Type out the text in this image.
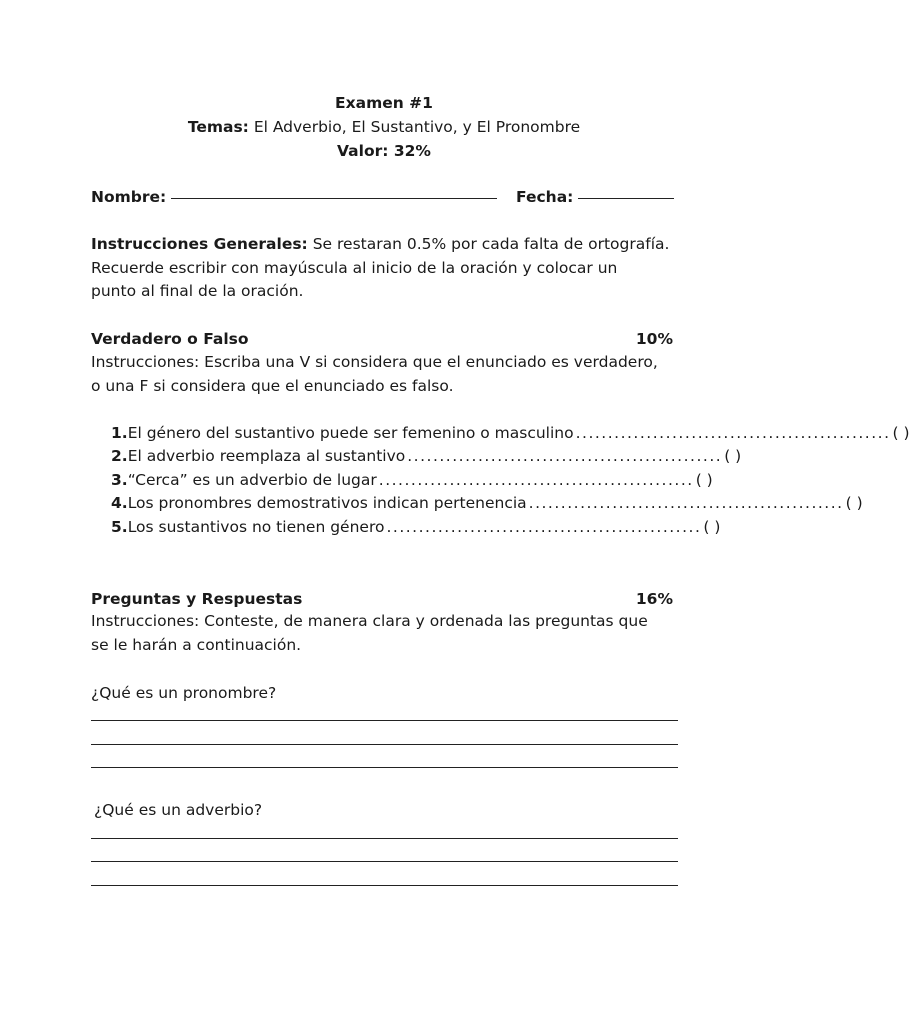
Examen #1
Temas: El Adverbio, El Sustantivo, y El Pronombre
Valor: 32%
Nombre:	Fecha:
Instrucciones Generales: Se restaran 0.5% por cada falta de ortografía.
Recuerde escribir con mayúscula al inicio de la oración y colocar un
punto al final de la oración.
Verdadero o Falso	10%
Instrucciones: Escriba una V si considera que el enunciado es verdadero,
o una F si considera que el enunciado es falso.
1. El género del sustantivo puede ser femenino o masculino ................................................. ( )
2. El adverbio reemplaza al sustantivo ................................................. ( )
3. “Cerca” es un adverbio de lugar ................................................. ( )
4. Los pronombres demostrativos indican pertenencia ................................................. ( )
5. Los sustantivos no tienen género ................................................. ( )
Preguntas y Respuestas	16%
Instrucciones: Conteste, de manera clara y ordenada las preguntas que
se le harán a continuación.
¿Qué es un pronombre?
¿Qué es un adverbio?
